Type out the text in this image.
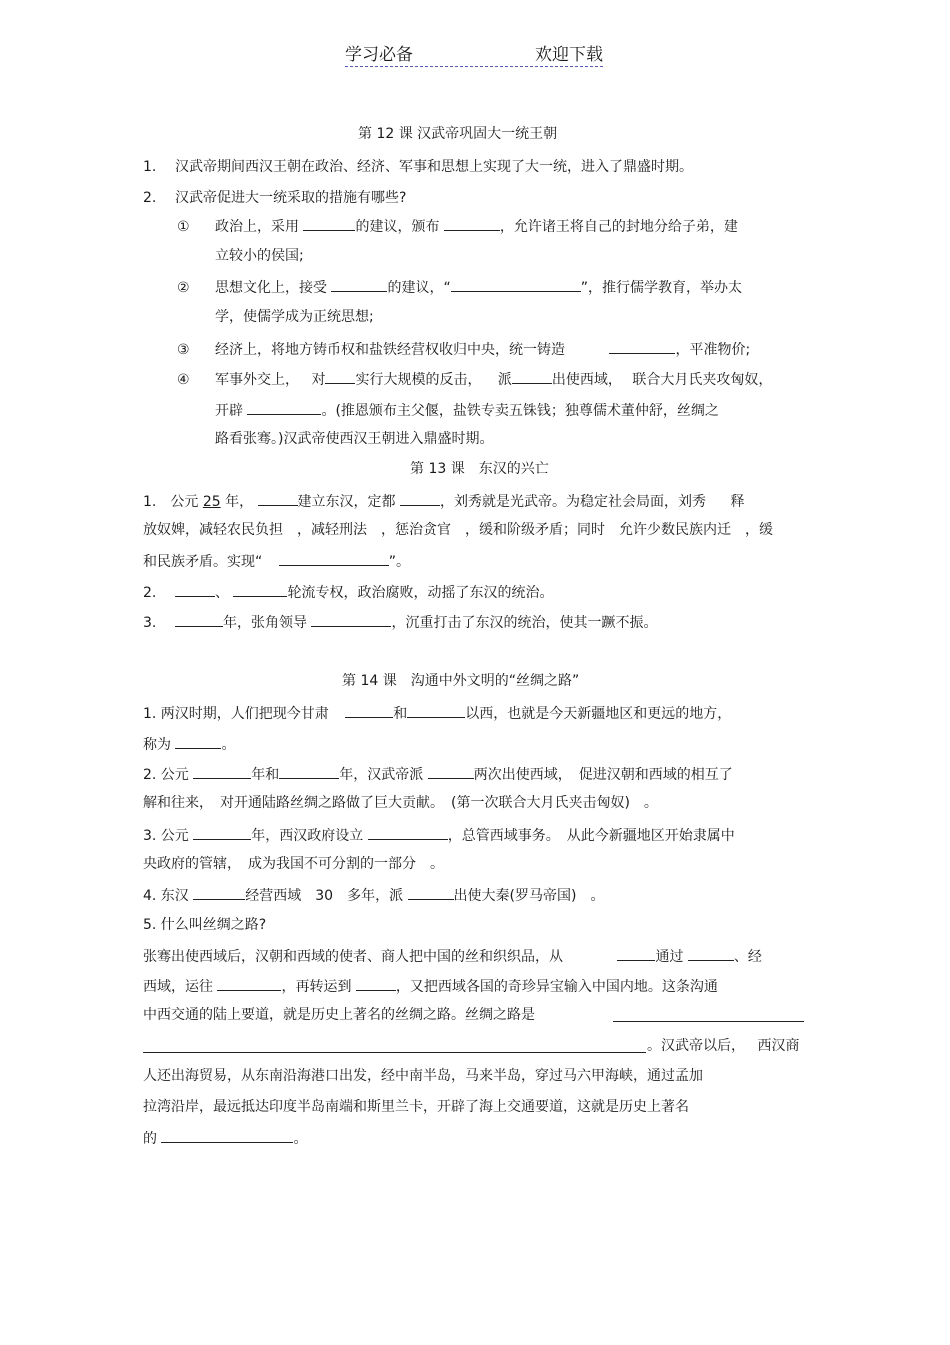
学习必备	欢迎下载
第 12 课 汉武帝巩固大一统王朝
1. 汉武帝期间西汉王朝在政治、经济、军事和思想上实现了大一统，进入了鼎盛时期。
2. 汉武帝促进大一统采取的措施有哪些?
① 政治上，采用	的建议，颁布	，允许诸王将自己的封地分给子弟，建
立较小的侯国;
② 思想文化上，接受	的建议，“	”，推行儒学教育，举办太
学，使儒学成为正统思想;
③ 经济上，将地方铸币权和盐铁经营权收归中央，统一铸造	，平准物价;
④ 军事外交上， 对 实行大规模的反击， 派	出使西域， 联合大月氏夹攻匈奴，
开辟	。(推恩颁布主父偃，盐铁专卖五铢钱；独尊儒术董仲舒，丝绸之
路看张骞。)汉武帝使西汉王朝进入鼎盛时期。
第 13 课　东汉的兴亡
1.　公元 25 年，	建立东汉，定都	，刘秀就是光武帝。为稳定社会局面，刘秀 释
放奴婢，减轻农民负担　，减轻刑法　，惩治贪官　，缓和阶级矛盾；同时　允许少数民族内迁　，缓
和民族矛盾。实现“	”。
2.	、	轮流专权，政治腐败，动摇了东汉的统治。
3.	年，张角领导	，沉重打击了东汉的统治，使其一蹶不振。
第 14 课　沟通中外文明的“丝绸之路”
1. 两汉时期，人们把现今甘肃	和	以西，也就是今天新疆地区和更远的地方，
称为	。
2. 公元	年和	年，汉武帝派	两次出使西域，　促进汉朝和西域的相互了
解和往来，　对开通陆路丝绸之路做了巨大贡献。　(第一次联合大月氏夹击匈奴)　。
3. 公元	年，西汉政府设立	，总管西域事务。　从此今新疆地区开始隶属中
央政府的管辖，　成为我国不可分割的一部分　。
4. 东汉	经营西域　30　多年，派	出使大秦(罗马帝国)　。
5. 什么叫丝绸之路?
张骞出使西域后，汉朝和西域的使者、商人把中国的丝和织织品，从	通过	、经
西域，运往	，再转运到	，又把西域各国的奇珍异宝输入中国内地。这条沟通
中西交通的陆上要道，就是历史上著名的丝绸之路。丝绸之路是
。汉武帝以后， 西汉商
人还出海贸易，从东南沿海港口出发，经中南半岛，马来半岛，穿过马六甲海峡，通过孟加
拉湾沿岸，最远抵达印度半岛南端和斯里兰卡，开辟了海上交通要道，这就是历史上著名
的	。
